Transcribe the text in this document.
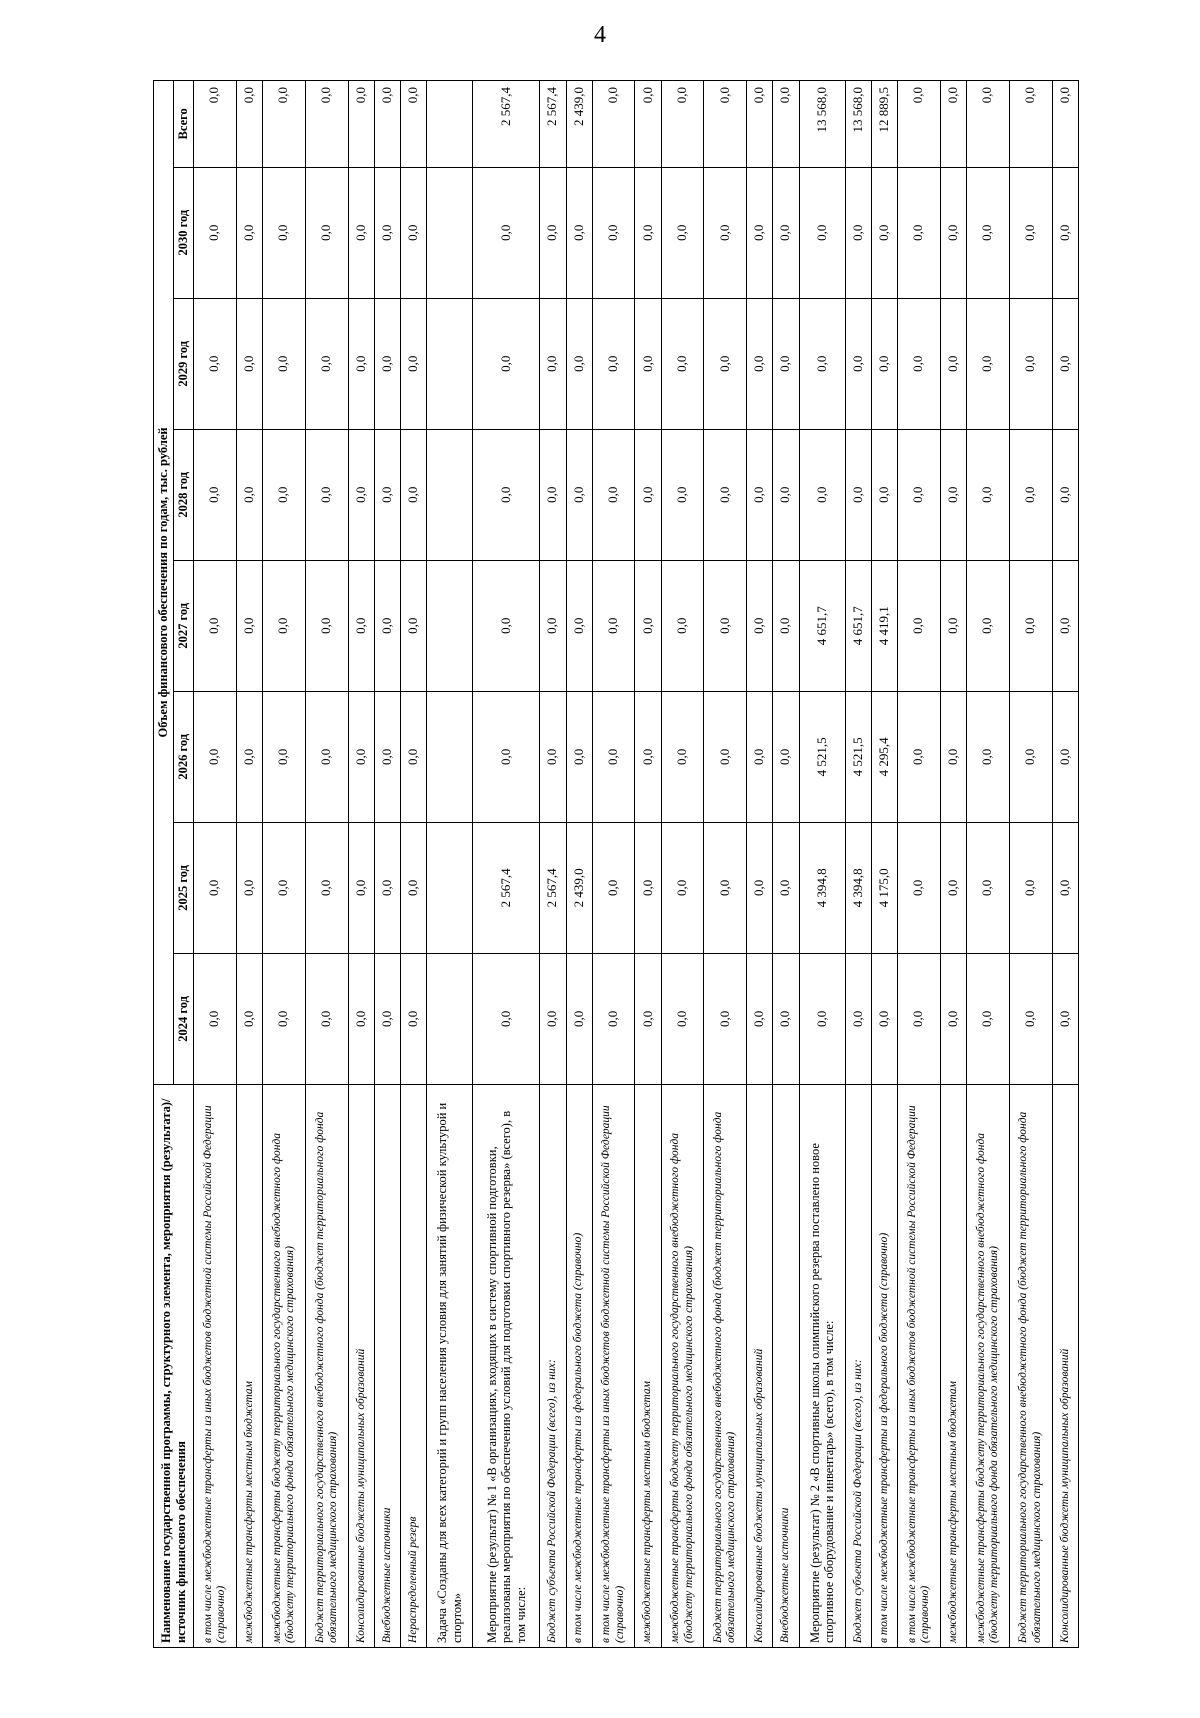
4
Наименование государственной программы, структурного элемента, мероприятия (результата)/источник финансового обеспечения	Объем финансового обеспечения по годам, тыс. рублей							
	2024 год	2025 год	2026 год	2027 год	2028 год	2029 год	2030 год	Всего
в том числе межбюджетные трансферты из иных бюджетов бюджетной системы Российской Федерации (справочно)	0,0	0,0	0,0	0,0	0,0	0,0	0,0	0,0
межбюджетные трансферты местным бюджетам	0,0	0,0	0,0	0,0	0,0	0,0	0,0	0,0
межбюджетные трансферты бюджету территориального государственного внебюджетного фонда (бюджету территориального фонда обязательного медицинского страхования)	0,0	0,0	0,0	0,0	0,0	0,0	0,0	0,0
Бюджет территориального государственного внебюджетного фонда (бюджет территориального фонда обязательного медицинского страхования)	0,0	0,0	0,0	0,0	0,0	0,0	0,0	0,0
Консолидированные бюджеты муниципальных образований	0,0	0,0	0,0	0,0	0,0	0,0	0,0	0,0
Внебюджетные источники	0,0	0,0	0,0	0,0	0,0	0,0	0,0	0,0
Нераспределенный резерв	0,0	0,0	0,0	0,0	0,0	0,0	0,0	0,0
Задача «Созданы для всех категорий и групп населения условия для занятий физической культурой и спортом»								
Мероприятие (результат) № 1 «В организациях, входящих в систему спортивной подготовки, реализованы мероприятия по обеспечению условий для подготовки спортивного резерва» (всего), в том числе:	0,0	2 567,4	0,0	0,0	0,0	0,0	0,0	2 567,4
Бюджет субъекта Российской Федерации (всего), из них:	0,0	2 567,4	0,0	0,0	0,0	0,0	0,0	2 567,4
в том числе межбюджетные трансферты из федерального бюджета (справочно)	0,0	2 439,0	0,0	0,0	0,0	0,0	0,0	2 439,0
в том числе межбюджетные трансферты из иных бюджетов бюджетной системы Российской Федерации (справочно)	0,0	0,0	0,0	0,0	0,0	0,0	0,0	0,0
межбюджетные трансферты местным бюджетам	0,0	0,0	0,0	0,0	0,0	0,0	0,0	0,0
межбюджетные трансферты бюджету территориального государственного внебюджетного фонда (бюджету территориального фонда обязательного медицинского страхования)	0,0	0,0	0,0	0,0	0,0	0,0	0,0	0,0
Бюджет территориального государственного внебюджетного фонда (бюджет территориального фонда обязательного медицинского страхования)	0,0	0,0	0,0	0,0	0,0	0,0	0,0	0,0
Консолидированные бюджеты муниципальных образований	0,0	0,0	0,0	0,0	0,0	0,0	0,0	0,0
Внебюджетные источники	0,0	0,0	0,0	0,0	0,0	0,0	0,0	0,0
Мероприятие (результат) № 2 «В спортивные школы олимпийского резерва поставлено новое спортивное оборудование и инвентарь» (всего), в том числе:	0,0	4 394,8	4 521,5	4 651,7	0,0	0,0	0,0	13 568,0
Бюджет субъекта Российской Федерации (всего), из них:	0,0	4 394,8	4 521,5	4 651,7	0,0	0,0	0,0	13 568,0
в том числе межбюджетные трансферты из федерального бюджета (справочно)	0,0	4 175,0	4 295,4	4 419,1	0,0	0,0	0,0	12 889,5
в том числе межбюджетные трансферты из иных бюджетов бюджетной системы Российской Федерации (справочно)	0,0	0,0	0,0	0,0	0,0	0,0	0,0	0,0
межбюджетные трансферты местным бюджетам	0,0	0,0	0,0	0,0	0,0	0,0	0,0	0,0
межбюджетные трансферты бюджету территориального государственного внебюджетного фонда (бюджету территориального фонда обязательного медицинского страхования)	0,0	0,0	0,0	0,0	0,0	0,0	0,0	0,0
Бюджет территориального государственного внебюджетного фонда (бюджет территориального фонда обязательного медицинского страхования)	0,0	0,0	0,0	0,0	0,0	0,0	0,0	0,0
Консолидированные бюджеты муниципальных образований	0,0	0,0	0,0	0,0	0,0	0,0	0,0	0,0
